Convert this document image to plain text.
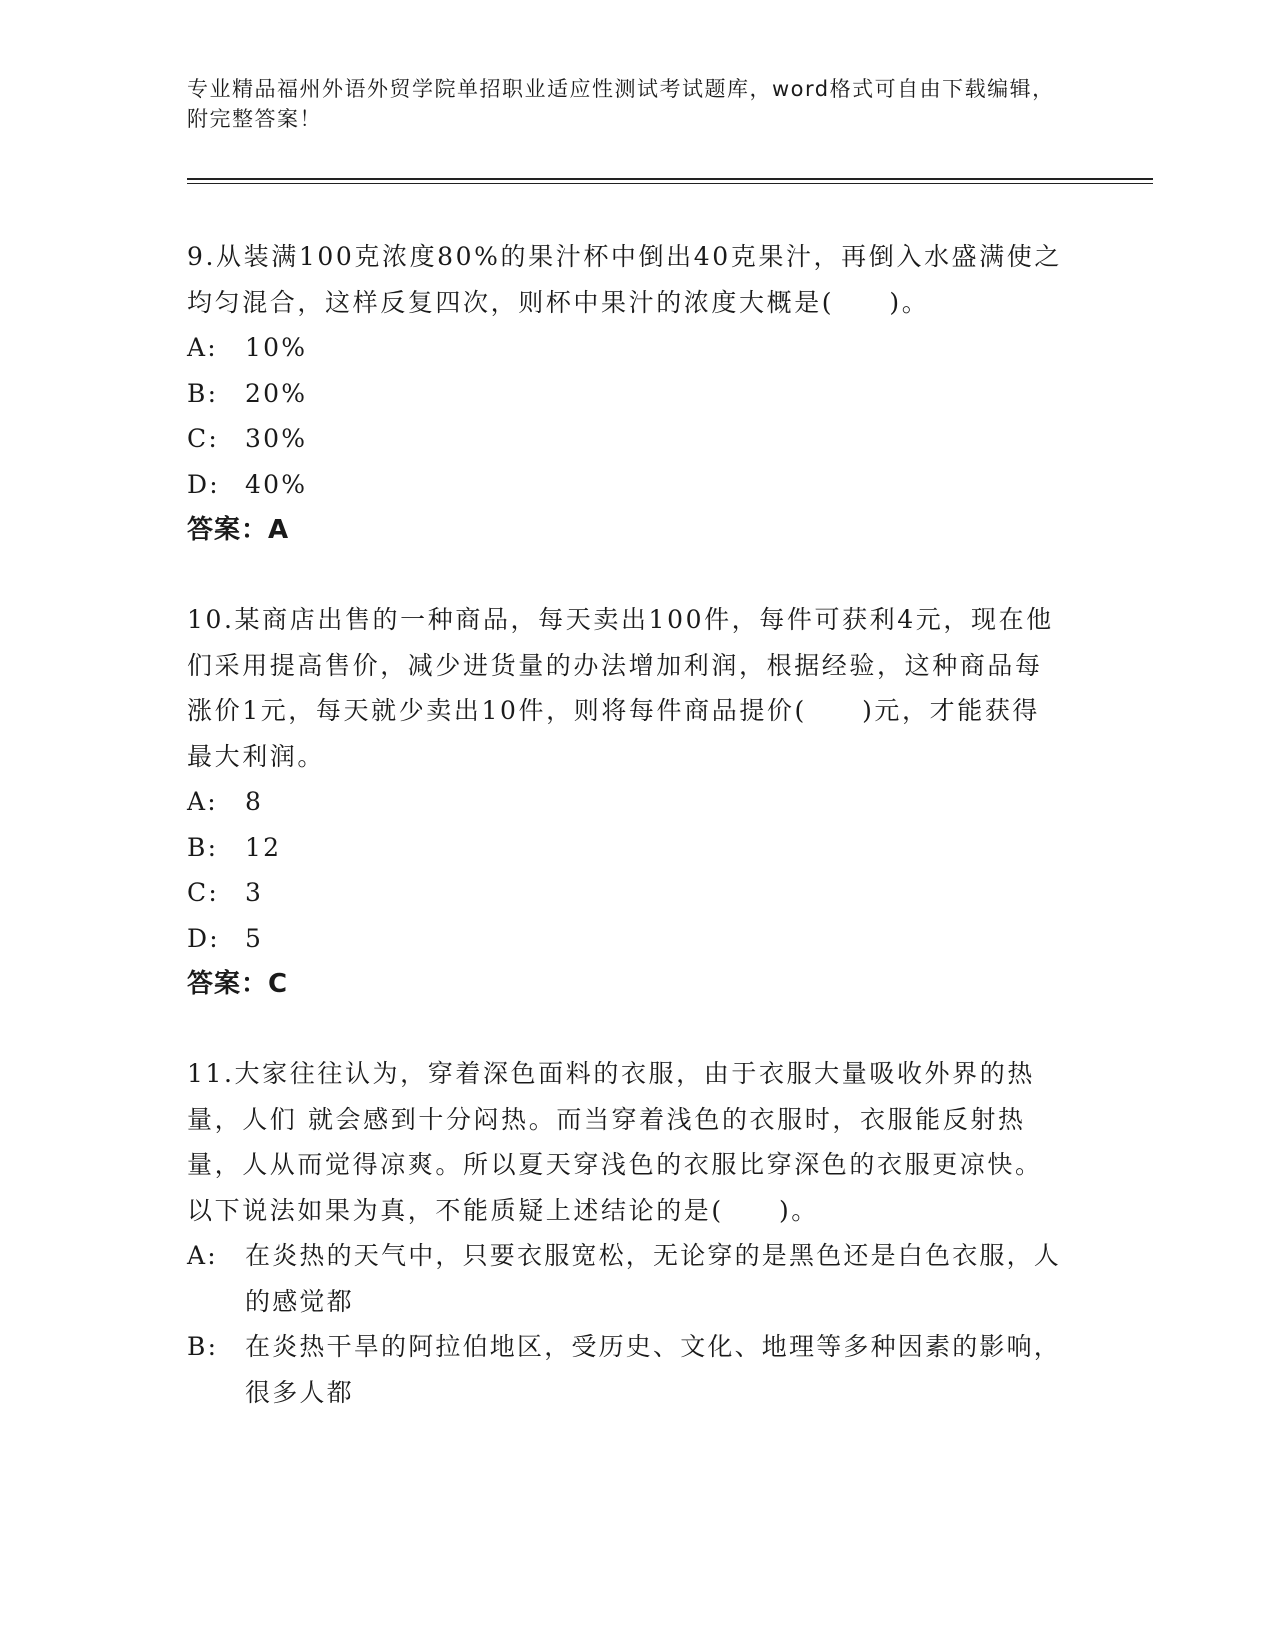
专业精品福州外语外贸学院单招职业适应性测试考试题库，word格式可自由下载编辑，附完整答案！

9.从装满100克浓度80%的果汁杯中倒出40克果汁，再倒入水盛满使之均匀混合，这样反复四次，则杯中果汁的浓度大概是(　　)。

A:	10%
B:	20%
C:	30%
D:	40%

答案：A

10.某商店出售的一种商品，每天卖出100件，每件可获利4元，现在他们采用提高售价，减少进货量的办法增加利润，根据经验，这种商品每涨价1元，每天就少卖出10件，则将每件商品提价(　　)元，才能获得最大利润。

A:	8
B:	12
C:	3
D:	5

答案：C

11.大家往往认为，穿着深色面料的衣服，由于衣服大量吸收外界的热量，人们 就会感到十分闷热。而当穿着浅色的衣服时，衣服能反射热量，人从而觉得凉爽。所以夏天穿浅色的衣服比穿深色的衣服更凉快。以下说法如果为真，不能质疑上述结论的是(　　)。

A:	在炎热的天气中，只要衣服宽松，无论穿的是黑色还是白色衣服，人的感觉都
B:	在炎热干旱的阿拉伯地区，受历史、文化、地理等多种因素的影响，很多人都
